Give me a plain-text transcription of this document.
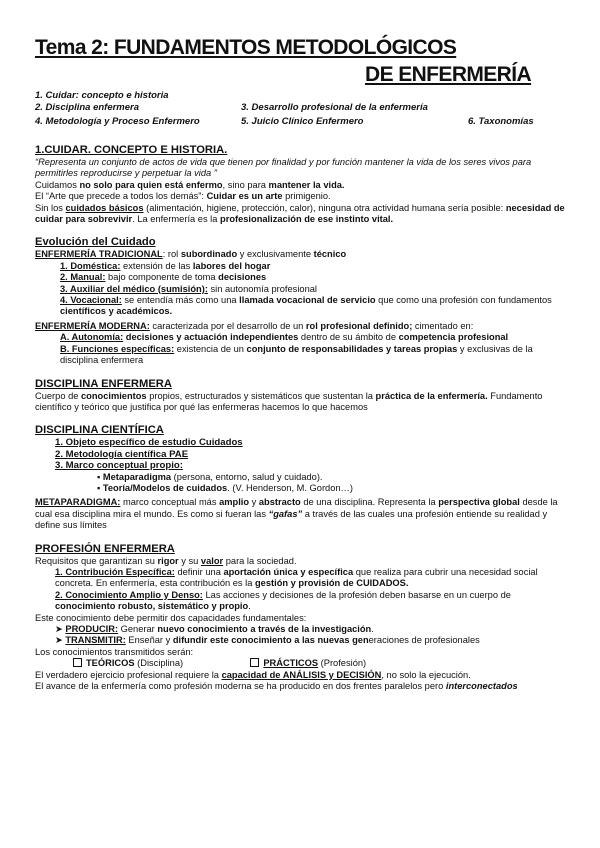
Tema 2: FUNDAMENTOS METODOLÓGICOS
DE ENFERMERÍA
1. Cuidar: concepto e historia
2. Disciplina enfermera	3. Desarrollo profesional de la enfermería
4. Metodología y Proceso Enfermero	5. Juicio Clínico Enfermero	6. Taxonomías

1.CUIDAR. CONCEPTO E HISTORIA.

“Representa un conjunto de actos de vida que tienen por finalidad y por función mantener la vida de los seres vivos para permitirles reproducirse y perpetuar la vida ”

Cuidamos no solo para quien está enfermo, sino para mantener la vida.

El “Arte que precede a todos los demás”: Cuidar es un arte primigenio.

Sin los cuidados básicos (alimentación, higiene, protección, calor), ninguna otra actividad humana sería posible: necesidad de cuidar para sobrevivir. La enfermería es la profesionalización de ese instinto vital.

Evolución del Cuidado

ENFERMERÍA TRADICIONAL: rol subordinado y exclusivamente técnico

1. Doméstica: extensión de las labores del hogar

2. Manual: bajo componente de toma decisiones

3. Auxiliar del médico (sumisión): sin autonomía profesional

4. Vocacional: se entendía más como una llamada vocacional de servicio que como una profesión con fundamentos científicos y académicos.

ENFERMERÍA MODERNA: caracterizada por el desarrollo de un rol profesional definido; cimentado en:

A. Autonomía: decisiones y actuación independientes dentro de su ámbito de competencia profesional

B. Funciones específicas: existencia de un conjunto de responsabilidades y tareas propias y exclusivas de la disciplina enfermera

DISCIPLINA ENFERMERA

Cuerpo de conocimientos propios, estructurados y sistemáticos que sustentan la práctica de la enfermería. Fundamento científico y teórico que justifica por qué las enfermeras hacemos lo que hacemos

DISCIPLINA CIENTÍFICA

1. Objeto específico de estudio Cuidados

2. Metodología científica PAE

3. Marco conceptual propio:

▪ Metaparadigma (persona, entorno, salud y cuidado).

▪ Teoría/Modelos de cuidados. (V. Henderson, M. Gordon…)

METAPARADIGMA: marco conceptual más amplio y abstracto de una disciplina. Representa la perspectiva global desde la cual esa disciplina mira el mundo. Es como si fueran las “gafas” a través de las cuales una profesión entiende su realidad y define sus límites

PROFESIÓN ENFERMERA

Requisitos que garantizan su rigor y su valor para la sociedad.

1. Contribución Específica: definir una aportación única y específica que realiza para cubrir una necesidad social concreta. En enfermería, esta contribución es la gestión y provisión de CUIDADOS.

2. Conocimiento Amplio y Denso: Las acciones y decisiones de la profesión deben basarse en un cuerpo de conocimiento robusto, sistemático y propio.

Este conocimiento debe permitir dos capacidades fundamentales:

➤ PRODUCIR: Generar nuevo conocimiento a través de la investigación.

➤ TRANSMITIR: Enseñar y difundir este conocimiento a las nuevas generaciones de profesionales

Los conocimientos transmitidos serán:

TEÓRICOS (Disciplina)	PRÁCTICOS (Profesión)

El verdadero ejercicio profesional requiere la capacidad de ANÁLISIS y DECISIÓN, no solo la ejecución.

El avance de la enfermería como profesión moderna se ha producido en dos frentes paralelos pero interconectados
